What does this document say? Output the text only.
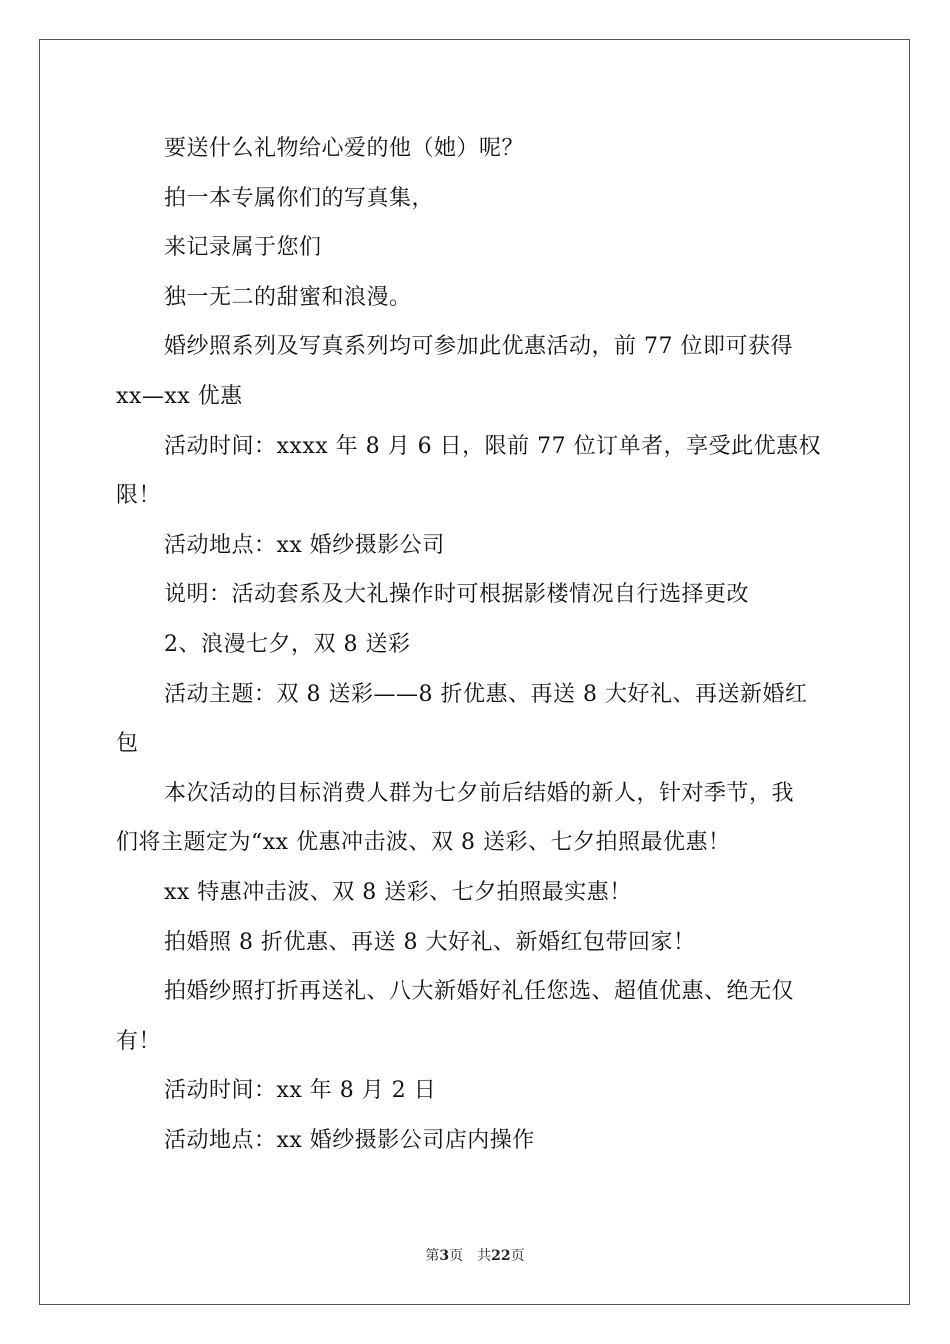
要送什么礼物给心爱的他（她）呢？
拍一本专属你们的写真集，
来记录属于您们
独一无二的甜蜜和浪漫。
婚纱照系列及写真系列均可参加此优惠活动，前 77 位即可获得
xx—xx 优惠
活动时间：xxxx 年 8 月 6 日，限前 77 位订单者，享受此优惠权
限！
活动地点：xx 婚纱摄影公司
说明：活动套系及大礼操作时可根据影楼情况自行选择更改
2、浪漫七夕，双 8 送彩
活动主题：双 8 送彩——8 折优惠、再送 8 大好礼、再送新婚红
包
本次活动的目标消费人群为七夕前后结婚的新人，针对季节，我
们将主题定为“xx 优惠冲击波、双 8 送彩、七夕拍照最优惠！
xx 特惠冲击波、双 8 送彩、七夕拍照最实惠！
拍婚照 8 折优惠、再送 8 大好礼、新婚红包带回家！
拍婚纱照打折再送礼、八大新婚好礼任您选、超值优惠、绝无仅
有！
活动时间：xx 年 8 月 2 日
活动地点：xx 婚纱摄影公司店内操作
第3页 共22页
